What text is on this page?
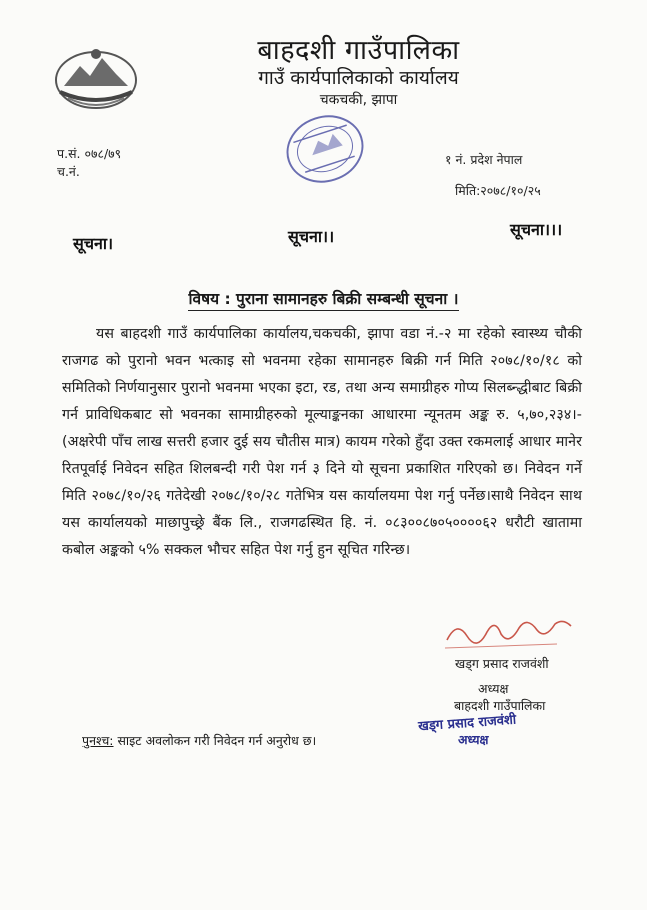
बाहदशी गाउँपालिका
गाउँ कार्यपालिकाको कार्यालय
चकचकी, झापा
प.सं. ०७८/७९
च.नं.
१ नं. प्रदेश नेपाल
मिति:२०७८/१०/२५
सूचना।	सूचना।।	सूचना।।।
विषय : पुराना सामानहरु बिक्री सम्बन्धी सूचना ।
यस बाहदशी गाउँ कार्यपालिका कार्यालय,चकचकी, झापा वडा नं.-२ मा रहेको स्वास्थ्य चौकी राजगढ को पुरानो भवन भत्काइ सो भवनमा रहेका सामानहरु बिक्री गर्न मिति २०७८/१०/१८ को समितिको निर्णयानुसार पुरानो भवनमा भएका इटा, रड, तथा अन्य समाग्रीहरु गोप्य सिलब्न्द्धीबाट बिक्री गर्न प्राविधिकबाट सो भवनका सामाग्रीहरुको मूल्याङ्कनका आधारमा न्यूनतम अङ्क रु. ५,७०,२३४।- (अक्षरेपी पाँच लाख सत्तरी हजार दुई सय चौतीस मात्र) कायम गरेको हुँदा उक्त रकमलाई आधार मानेर रितपूर्वाई निवेदन सहित शिलबन्दी गरी पेश गर्न ३ दिने यो सूचना प्रकाशित गरिएको छ। निवेदन गर्ने मिति २०७८/१०/२६ गतेदेखी २०७८/१०/२८ गतेभित्र यस कार्यालयमा पेश गर्नु पर्नेछ।साथै निवेदन साथ यस कार्यालयको माछापुच्छ्रे बैंक लि., राजगढस्थित हि. नं. ०८३००८७०५००००६२ धरौटी खातामा कबोल अङ्कको ५% सक्कल भौचर सहित पेश गर्नु हुन सूचित गरिन्छ।
खड्ग प्रसाद राजवंशी
अध्यक्ष
बाहदशी गाउँपालिका
खड्ग प्रसाद राजवंशी
अध्यक्ष
पुनश्च: साइट अवलोकन गरी निवेदन गर्न अनुरोध छ।
